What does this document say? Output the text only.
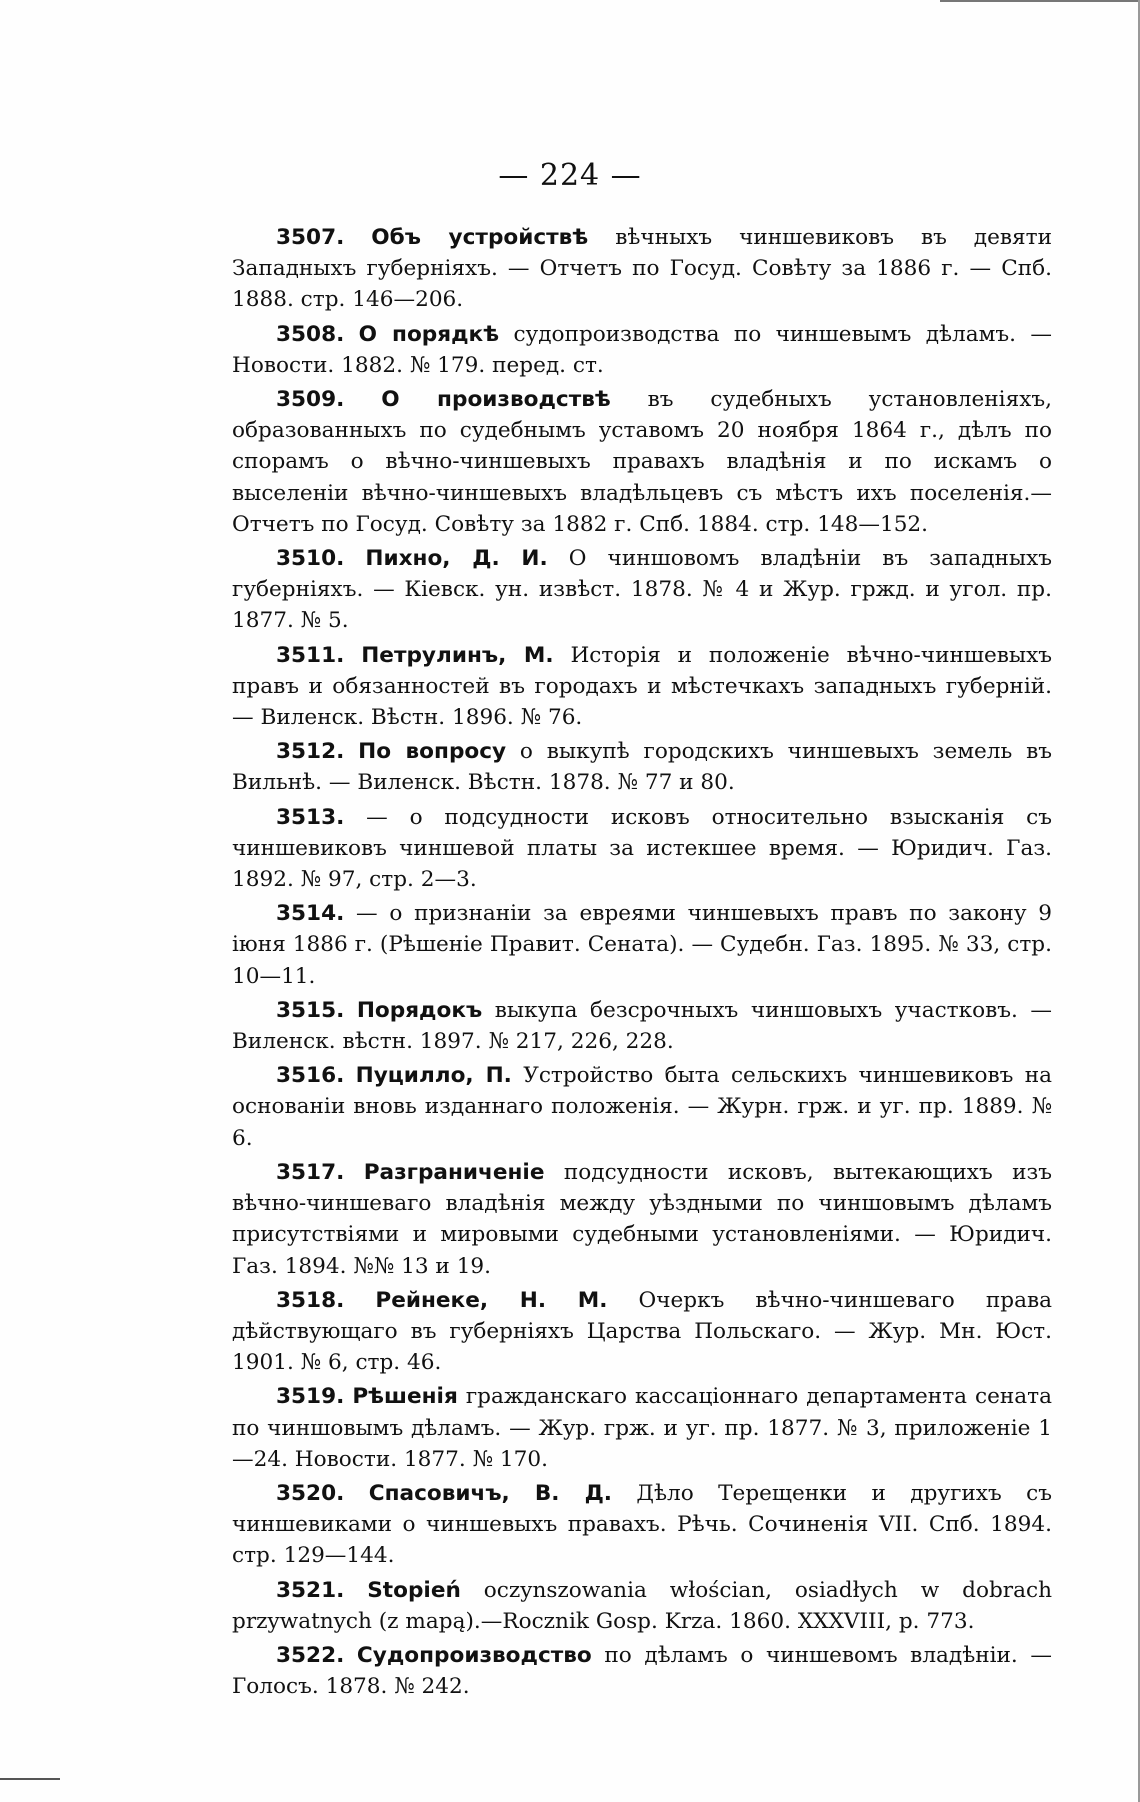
— 224 —

3507. Объ устройствѣ вѣчныхъ чиншевиковъ въ девяти Западныхъ губерніяхъ. — Отчетъ по Госуд. Совѣту за 1886 г. — Спб. 1888. стр. 146—206.

3508. О порядкѣ судопроизводства по чиншевымъ дѣламъ. — Новости. 1882. № 179. перед. ст.

3509. О производствѣ въ судебныхъ установленіяхъ, образованныхъ по судебнымъ уставомъ 20 ноября 1864 г., дѣлъ по спорамъ о вѣчно-чиншевыхъ правахъ владѣнія и по искамъ о выселеніи вѣчно-чиншевыхъ владѣльцевъ съ мѣстъ ихъ поселенія.—Отчетъ по Госуд. Совѣту за 1882 г. Спб. 1884. стр. 148—152.

3510. Пихно, Д. И. О чиншовомъ владѣніи въ западныхъ губерніяхъ. — Кіевск. ун. извѣст. 1878. № 4 и Жур. гржд. и угол. пр. 1877. № 5.

3511. Петрулинъ, М. Исторія и положеніе вѣчно-чиншевыхъ правъ и обязанностей въ городахъ и мѣстечкахъ западныхъ губерній. — Виленск. Вѣстн. 1896. № 76.

3512. По вопросу о выкупѣ городскихъ чиншевыхъ земель въ Вильнѣ. — Виленск. Вѣстн. 1878. № 77 и 80.

3513. — о подсудности исковъ относительно взысканія съ чиншевиковъ чиншевой платы за истекшее время. — Юридич. Газ. 1892. № 97, стр. 2—3.

3514. — о признаніи за евреями чиншевыхъ правъ по закону 9 іюня 1886 г. (Рѣшеніе Правит. Сената). — Судебн. Газ. 1895. № 33, стр. 10—11.

3515. Порядокъ выкупа безсрочныхъ чиншовыхъ участковъ. — Виленск. вѣстн. 1897. № 217, 226, 228.

3516. Пуцилло, П. Устройство быта сельскихъ чиншевиковъ на основаніи вновь изданнаго положенія. — Журн. грж. и уг. пр. 1889. № 6.

3517. Разграниченіе подсудности исковъ, вытекающихъ изъ вѣчно-чиншеваго владѣнія между уѣздными по чиншовымъ дѣламъ присутствіями и мировыми судебными установленіями. — Юридич. Газ. 1894. №№ 13 и 19.

3518. Рейнеке, Н. М. Очеркъ вѣчно-чиншеваго права дѣйствующаго въ губерніяхъ Царства Польскаго. — Жур. Мн. Юст. 1901. № 6, стр. 46.

3519. Рѣшенія гражданскаго кассаціоннаго департамента сената по чиншовымъ дѣламъ. — Жур. грж. и уг. пр. 1877. № 3, приложеніе 1—24. Новости. 1877. № 170.

3520. Спасовичъ, В. Д. Дѣло Терещенки и другихъ съ чиншевиками о чиншевыхъ правахъ. Рѣчь. Сочиненія VII. Спб. 1894. стр. 129—144.

3521. Stopień oczynszowania włościan, osiadłych w dobrach przywatnych (z mapą).—Rocznik Gosp. Krza. 1860. XXXVIII, p. 773.

3522. Судопроизводство по дѣламъ о чиншевомъ владѣніи. — Голосъ. 1878. № 242.
